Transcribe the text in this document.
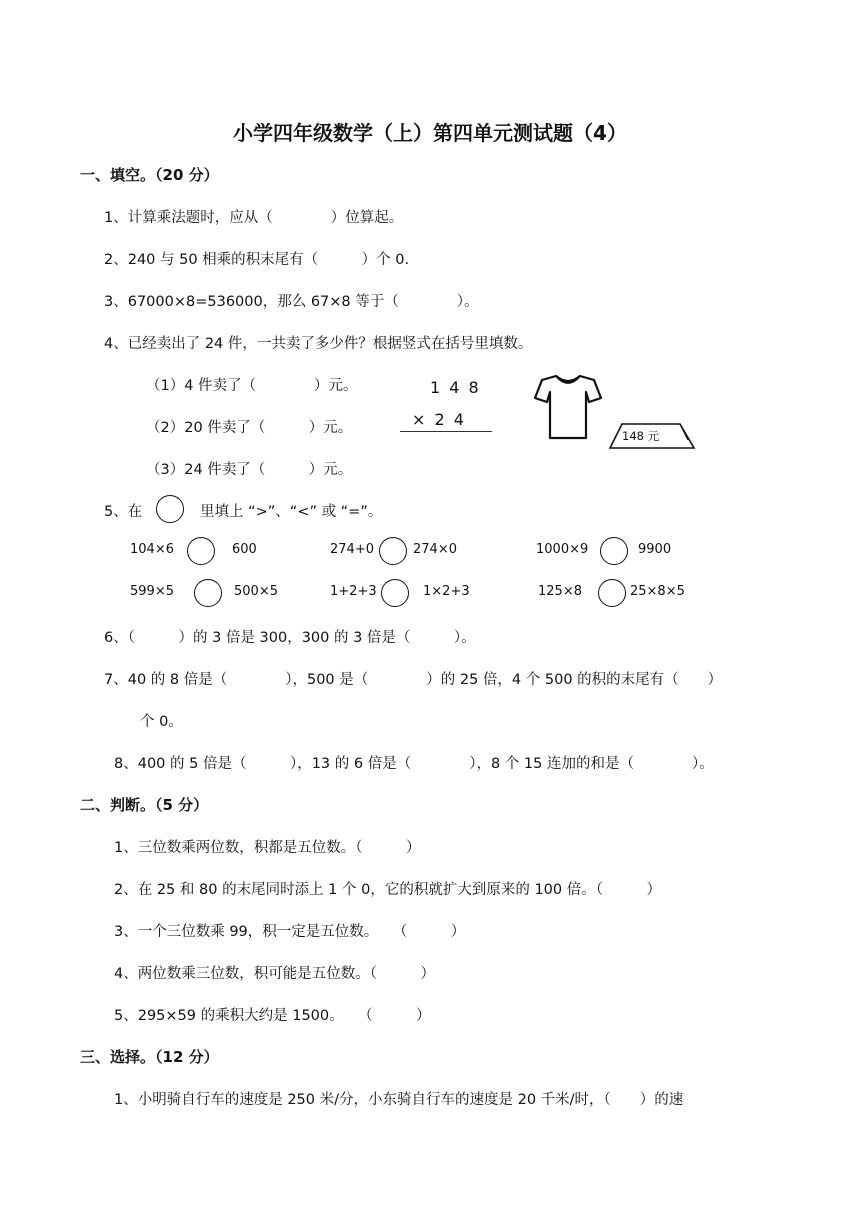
小学四年级数学（上）第四单元测试题（4）
一、填空。（20 分）
1、计算乘法题时，应从（　　　　）位算起。
2、240 与 50 相乘的积末尾有（　　　）个 0.
3、67000×8=536000，那么 67×8 等于（　　　　）。
4、已经卖出了 24 件，一共卖了多少件？根据竖式在括号里填数。
（1）4 件卖了（　　　　）元。
（2）20 件卖了（　　　）元。
（3）24 件卖了（　　　）元。
1 4 8
× 2 4
148 元
5、在	里填上 “>”、“<” 或 “=”。
104×6	600	274+0	274×0	1000×9	9900
599×5	500×5	1+2+3	1×2+3	125×8	25×8×5
6、（　　　）的 3 倍是 300，300 的 3 倍是（　　　）。
7、40 的 8 倍是（　　　　），500 是（　　　　）的 25 倍，4 个 500 的积的末尾有（　　）
个 0。
8、400 的 5 倍是（　　　），13 的 6 倍是（　　　　），8 个 15 连加的和是（　　　　）。
二、判断。（5 分）
1、三位数乘两位数，积都是五位数。（　　　）
2、在 25 和 80 的末尾同时添上 1 个 0，它的积就扩大到原来的 100 倍。（　　　）
3、一个三位数乘 99，积一定是五位数。　　（　　　）
4、两位数乘三位数，积可能是五位数。（　　　）
5、295×59 的乘积大约是 1500。　　（　　　）
三、选择。（12 分）
1、小明骑自行车的速度是 250 米/分，小东骑自行车的速度是 20 千米/时，（　　）的速
